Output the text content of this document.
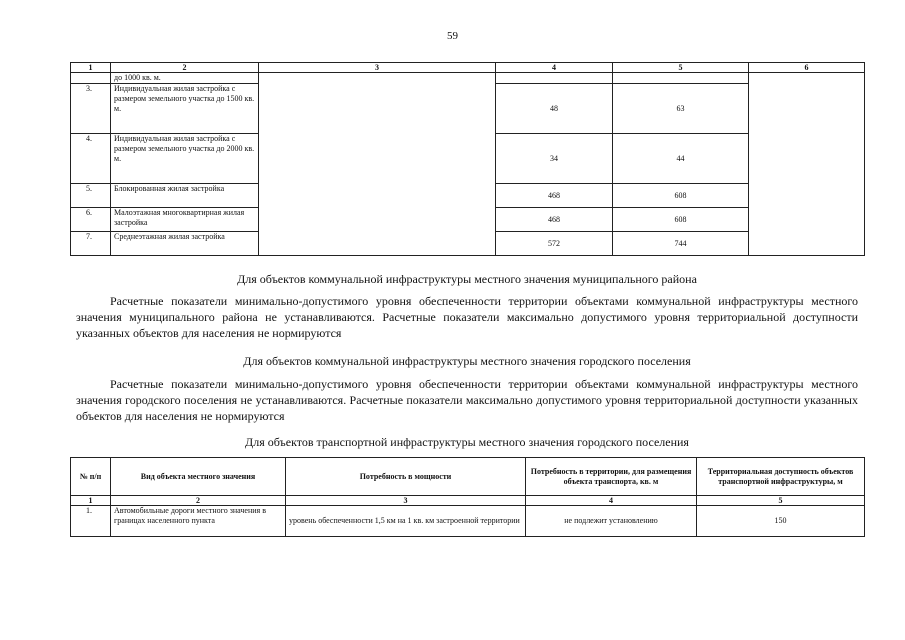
59
1	2	3	4	5	6
	до 1000 кв. м.				
3.	Индивидуальная жилая застройка с размером земельного участка до 1500 кв. м.		48	63	
4.	Индивидуальная жилая застройка с размером земельного участка до 2000 кв. м.		34	44	
5.	Блокированная жилая застройка		468	608	
6.	Малоэтажная многоквартирная жилая застройка		468	608	
7.	Среднеэтажная жилая застройка		572	744	
Для объектов коммунальной инфраструктуры местного значения муниципального района
Расчетные показатели минимально-допустимого уровня обеспеченности территории объектами коммунальной инфраструктуры местного значения муниципального района не устанавливаются. Расчетные показатели максимально допустимого уровня территориальной доступности указанных объектов для населения не нормируются
Для объектов коммунальной инфраструктуры местного значения городского поселения
Расчетные показатели минимально-допустимого уровня обеспеченности территории объектами коммунальной инфраструктуры местного значения городского поселения не устанавливаются. Расчетные показатели максимально допустимого уровня территориальной доступности указанных объектов для населения не нормируются
Для объектов транспортной инфраструктуры местного значения городского поселения
№ п/п	Вид объекта местного значения	Потребность в мощности	Потребность в территории, для размещения объекта транспорта, кв. м	Территориальная доступность объектов транспортной инфраструктуры, м
1	2	3	4	5
1.	Автомобильные дороги местного значения в границах населенного пункта	уровень обеспеченности 1,5 км на 1 кв. км застроенной территории	не подлежит установлению	150
